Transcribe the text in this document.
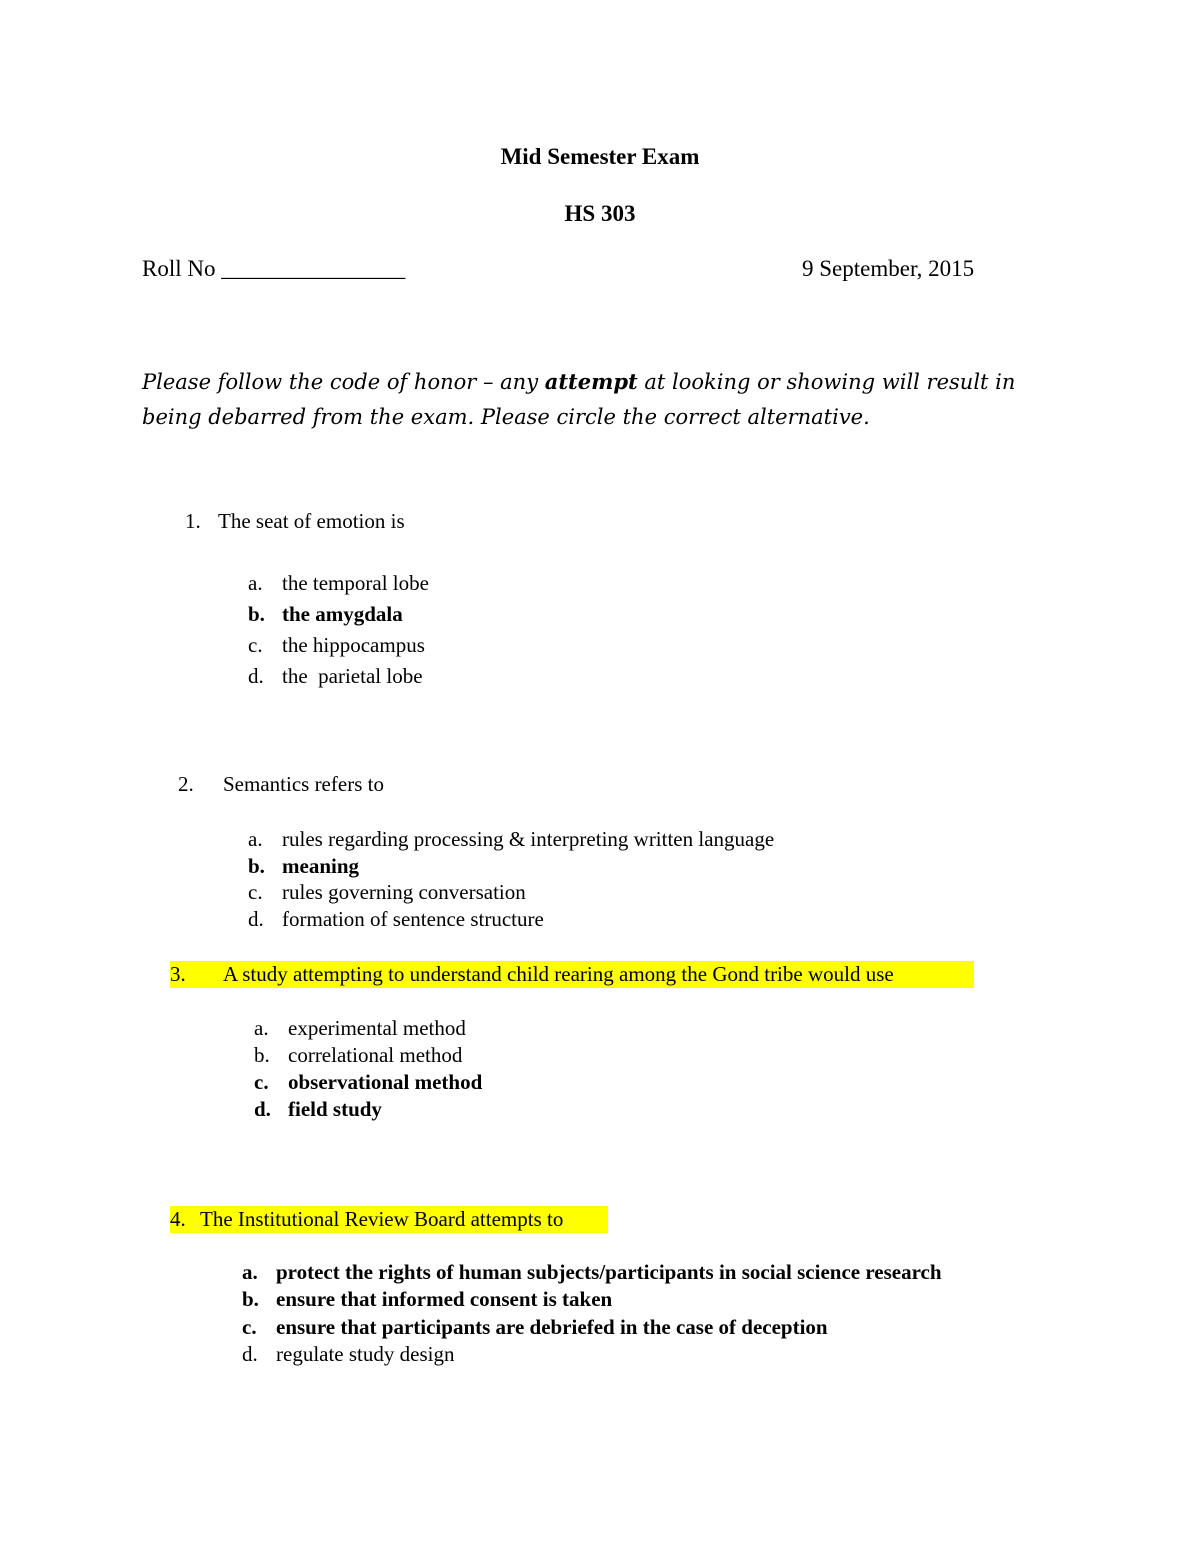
Mid Semester Exam
HS 303
Roll No ________________	9 September, 2015
Please follow the code of honor – any attempt at looking or showing will result in
being debarred from the exam. Please circle the correct alternative.
1. The seat of emotion is
a. the temporal lobe
b. the amygdala
c. the hippocampus
d. the  parietal lobe
2. Semantics refers to
a. rules regarding processing & interpreting written language
b. meaning
c. rules governing conversation
d. formation of sentence structure
3. A study attempting to understand child rearing among the Gond tribe would use
a. experimental method
b. correlational method
c. observational method
d. field study
4. The Institutional Review Board attempts to
a. protect the rights of human subjects/participants in social science research
b. ensure that informed consent is taken
c. ensure that participants are debriefed in the case of deception
d. regulate study design
